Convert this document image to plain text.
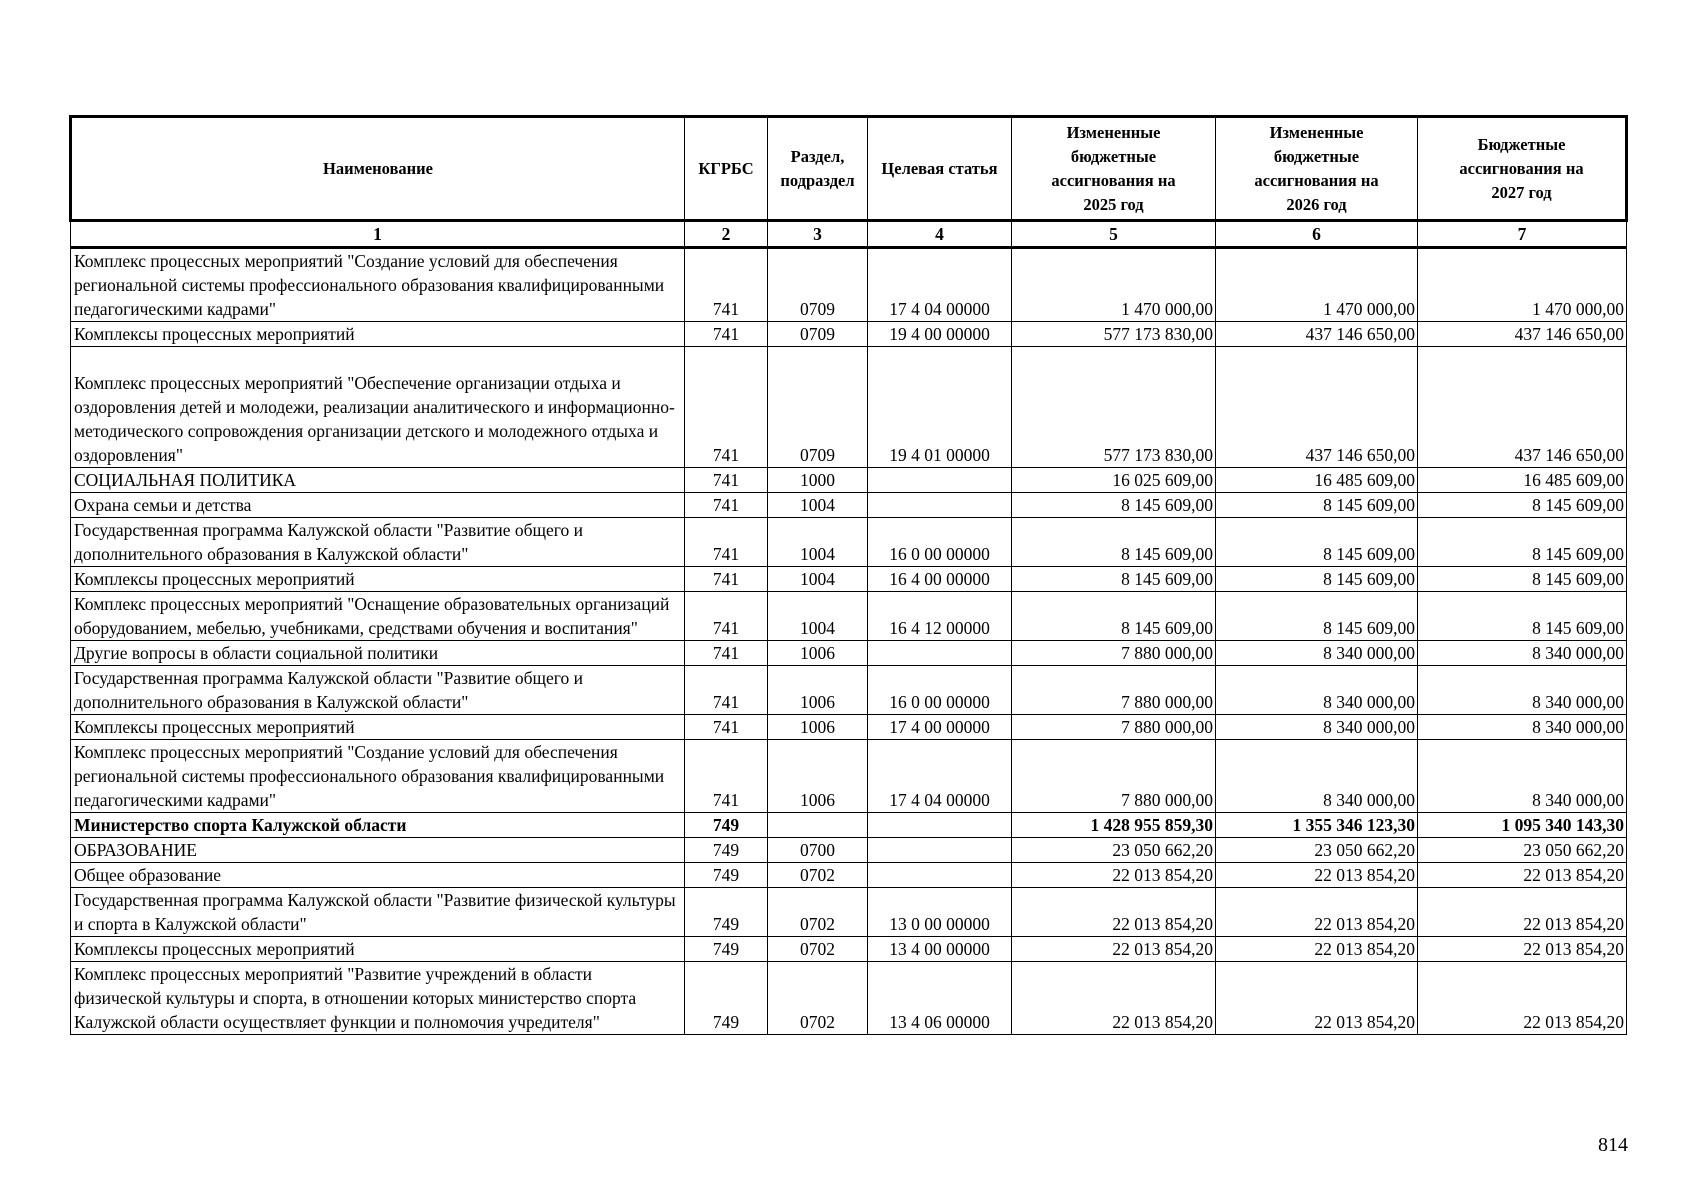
Наименование	КГРБС	Раздел, подраздел	Целевая статья	Измененные бюджетные ассигнования на 2025 год	Измененные бюджетные ассигнования на 2026 год	Бюджетные ассигнования на 2027 год
1	2	3	4	5	6	7
Комплекс процессных мероприятий "Создание условий для обеспечения региональной системы профессионального образования квалифицированными педагогическими кадрами"	741	0709	17 4 04 00000	1 470 000,00	1 470 000,00	1 470 000,00
Комплексы процессных мероприятий	741	0709	19 4 00 00000	577 173 830,00	437 146 650,00	437 146 650,00
Комплекс процессных мероприятий "Обеспечение организации отдыха и оздоровления детей и молодежи, реализации аналитического и информационно-методического сопровождения организации детского и молодежного отдыха и оздоровления"	741	0709	19 4 01 00000	577 173 830,00	437 146 650,00	437 146 650,00
СОЦИАЛЬНАЯ ПОЛИТИКА	741	1000		16 025 609,00	16 485 609,00	16 485 609,00
Охрана семьи и детства	741	1004		8 145 609,00	8 145 609,00	8 145 609,00
Государственная программа Калужской области "Развитие общего и дополнительного образования в Калужской области"	741	1004	16 0 00 00000	8 145 609,00	8 145 609,00	8 145 609,00
Комплексы процессных мероприятий	741	1004	16 4 00 00000	8 145 609,00	8 145 609,00	8 145 609,00
Комплекс процессных мероприятий "Оснащение образовательных организаций оборудованием, мебелью, учебниками, средствами обучения и воспитания"	741	1004	16 4 12 00000	8 145 609,00	8 145 609,00	8 145 609,00
Другие вопросы в области социальной политики	741	1006		7 880 000,00	8 340 000,00	8 340 000,00
Государственная программа Калужской области "Развитие общего и дополнительного образования в Калужской области"	741	1006	16 0 00 00000	7 880 000,00	8 340 000,00	8 340 000,00
Комплексы процессных мероприятий	741	1006	17 4 00 00000	7 880 000,00	8 340 000,00	8 340 000,00
Комплекс процессных мероприятий "Создание условий для обеспечения региональной системы профессионального образования квалифицированными педагогическими кадрами"	741	1006	17 4 04 00000	7 880 000,00	8 340 000,00	8 340 000,00
Министерство спорта Калужской области	749			1 428 955 859,30	1 355 346 123,30	1 095 340 143,30
ОБРАЗОВАНИЕ	749	0700		23 050 662,20	23 050 662,20	23 050 662,20
Общее образование	749	0702		22 013 854,20	22 013 854,20	22 013 854,20
Государственная программа Калужской области "Развитие физической культуры и спорта в Калужской области"	749	0702	13 0 00 00000	22 013 854,20	22 013 854,20	22 013 854,20
Комплексы процессных мероприятий	749	0702	13 4 00 00000	22 013 854,20	22 013 854,20	22 013 854,20
Комплекс процессных мероприятий "Развитие учреждений в области физической культуры и спорта, в отношении которых министерство спорта Калужской области осуществляет функции и полномочия учредителя"	749	0702	13 4 06 00000	22 013 854,20	22 013 854,20	22 013 854,20
814
